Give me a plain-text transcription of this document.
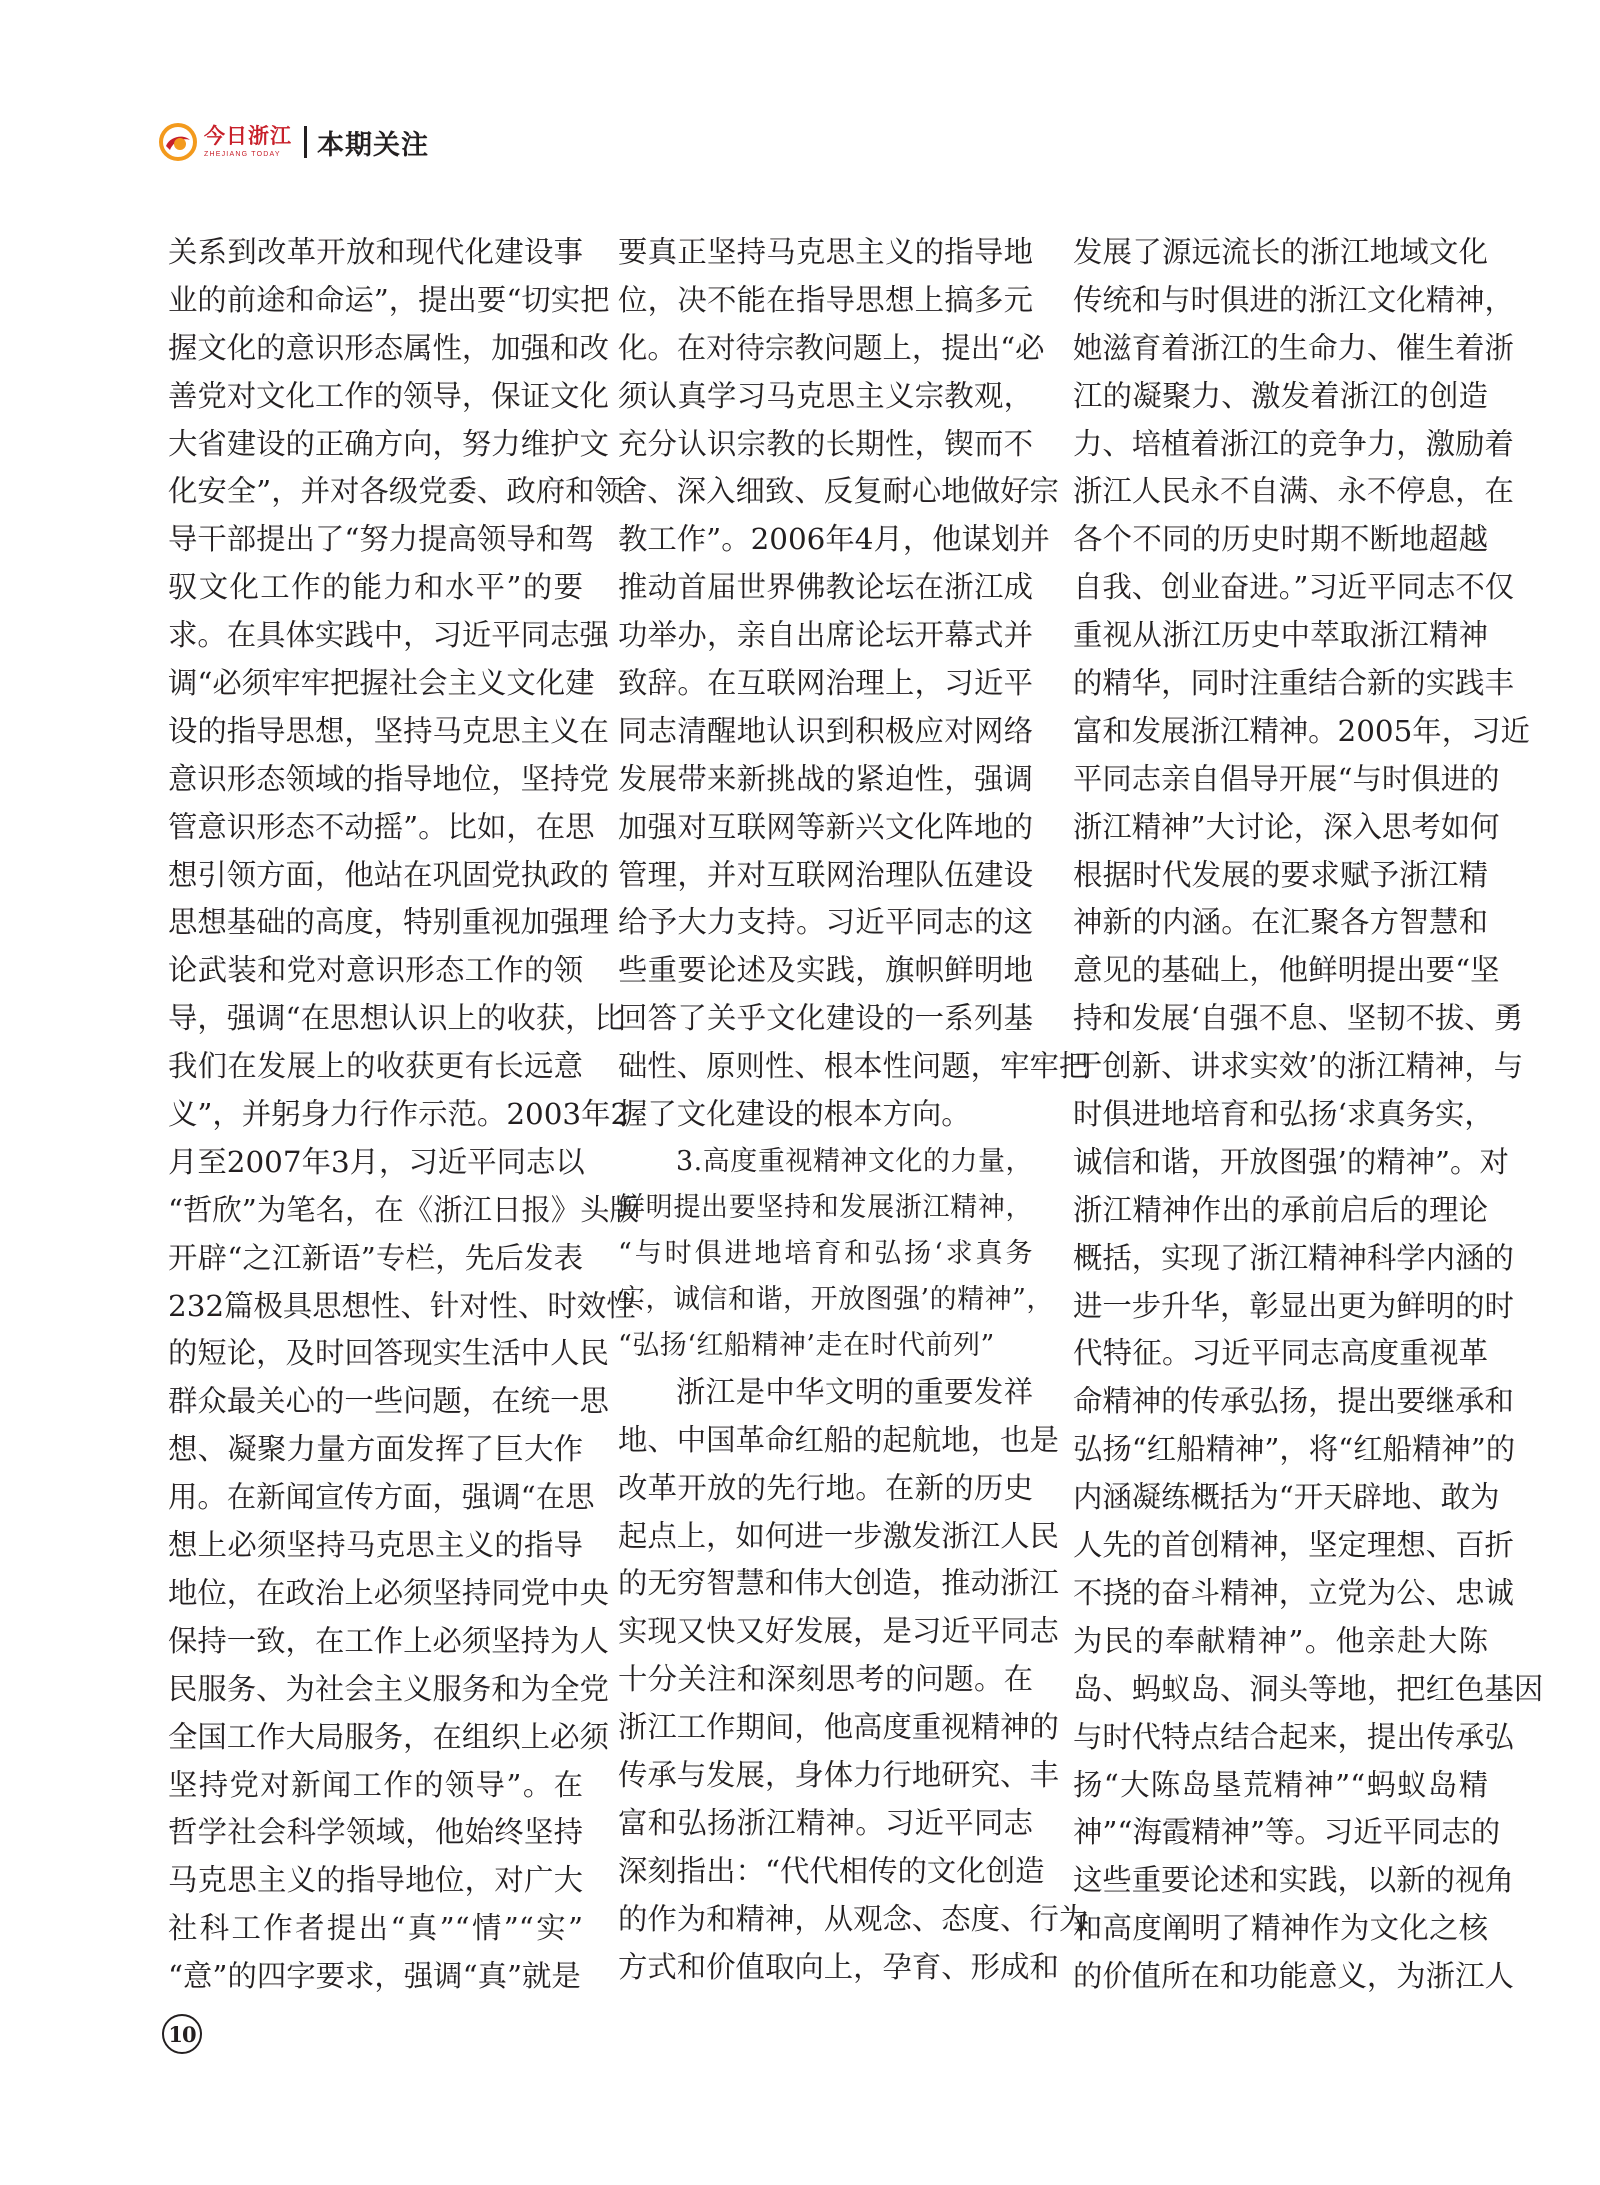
今日浙江
ZHEJIANG TODAY	本期关注
关系到改革开放和现代化建设事
业的前途和命运”，提出要“切实把
握文化的意识形态属性，加强和改
善党对文化工作的领导，保证文化
大省建设的正确方向，努力维护文
化安全”，并对各级党委、政府和领
导干部提出了“努力提高领导和驾
驭文化工作的能力和水平”的要
求。在具体实践中，习近平同志强
调“必须牢牢把握社会主义文化建
设的指导思想，坚持马克思主义在
意识形态领域的指导地位，坚持党
管意识形态不动摇”。比如，在思
想引领方面，他站在巩固党执政的
思想基础的高度，特别重视加强理
论武装和党对意识形态工作的领
导，强调“在思想认识上的收获，比
我们在发展上的收获更有长远意
义”，并躬身力行作示范。2003年2
月至2007年3月，习近平同志以
“哲欣”为笔名，在《浙江日报》头版
开辟“之江新语”专栏，先后发表
232篇极具思想性、针对性、时效性
的短论，及时回答现实生活中人民
群众最关心的一些问题，在统一思
想、凝聚力量方面发挥了巨大作
用。在新闻宣传方面，强调“在思
想上必须坚持马克思主义的指导
地位，在政治上必须坚持同党中央
保持一致，在工作上必须坚持为人
民服务、为社会主义服务和为全党
全国工作大局服务，在组织上必须
坚持党对新闻工作的领导”。在
哲学社会科学领域，他始终坚持
马克思主义的指导地位，对广大
社科工作者提出“真”“情”“实”
“意”的四字要求，强调“真”就是
要真正坚持马克思主义的指导地
位，决不能在指导思想上搞多元
化。在对待宗教问题上，提出“必
须认真学习马克思主义宗教观，
充分认识宗教的长期性，锲而不
舍、深入细致、反复耐心地做好宗
教工作”。2006年4月，他谋划并
推动首届世界佛教论坛在浙江成
功举办，亲自出席论坛开幕式并
致辞。在互联网治理上，习近平
同志清醒地认识到积极应对网络
发展带来新挑战的紧迫性，强调
加强对互联网等新兴文化阵地的
管理，并对互联网治理队伍建设
给予大力支持。习近平同志的这
些重要论述及实践，旗帜鲜明地
回答了关乎文化建设的一系列基
础性、原则性、根本性问题，牢牢把
握了文化建设的根本方向。
3.高度重视精神文化的力量，
鲜明提出要坚持和发展浙江精神，
“与时俱进地培育和弘扬‘求真务
实，诚信和谐，开放图强’的精神”，
“弘扬‘红船精神’走在时代前列”
浙江是中华文明的重要发祥
地、中国革命红船的起航地，也是
改革开放的先行地。在新的历史
起点上，如何进一步激发浙江人民
的无穷智慧和伟大创造，推动浙江
实现又快又好发展，是习近平同志
十分关注和深刻思考的问题。在
浙江工作期间，他高度重视精神的
传承与发展，身体力行地研究、丰
富和弘扬浙江精神。习近平同志
深刻指出：“代代相传的文化创造
的作为和精神，从观念、态度、行为
方式和价值取向上，孕育、形成和
发展了源远流长的浙江地域文化
传统和与时俱进的浙江文化精神，
她滋育着浙江的生命力、催生着浙
江的凝聚力、激发着浙江的创造
力、培植着浙江的竞争力，激励着
浙江人民永不自满、永不停息，在
各个不同的历史时期不断地超越
自我、创业奋进。”习近平同志不仅
重视从浙江历史中萃取浙江精神
的精华，同时注重结合新的实践丰
富和发展浙江精神。2005年，习近
平同志亲自倡导开展“与时俱进的
浙江精神”大讨论，深入思考如何
根据时代发展的要求赋予浙江精
神新的内涵。在汇聚各方智慧和
意见的基础上，他鲜明提出要“坚
持和发展‘自强不息、坚韧不拔、勇
于创新、讲求实效’的浙江精神，与
时俱进地培育和弘扬‘求真务实，
诚信和谐，开放图强’的精神”。对
浙江精神作出的承前启后的理论
概括，实现了浙江精神科学内涵的
进一步升华，彰显出更为鲜明的时
代特征。习近平同志高度重视革
命精神的传承弘扬，提出要继承和
弘扬“红船精神”，将“红船精神”的
内涵凝练概括为“开天辟地、敢为
人先的首创精神，坚定理想、百折
不挠的奋斗精神，立党为公、忠诚
为民的奉献精神”。他亲赴大陈
岛、蚂蚁岛、洞头等地，把红色基因
与时代特点结合起来，提出传承弘
扬“大陈岛垦荒精神”“蚂蚁岛精
神”“海霞精神”等。习近平同志的
这些重要论述和实践，以新的视角
和高度阐明了精神作为文化之核
的价值所在和功能意义，为浙江人
10
